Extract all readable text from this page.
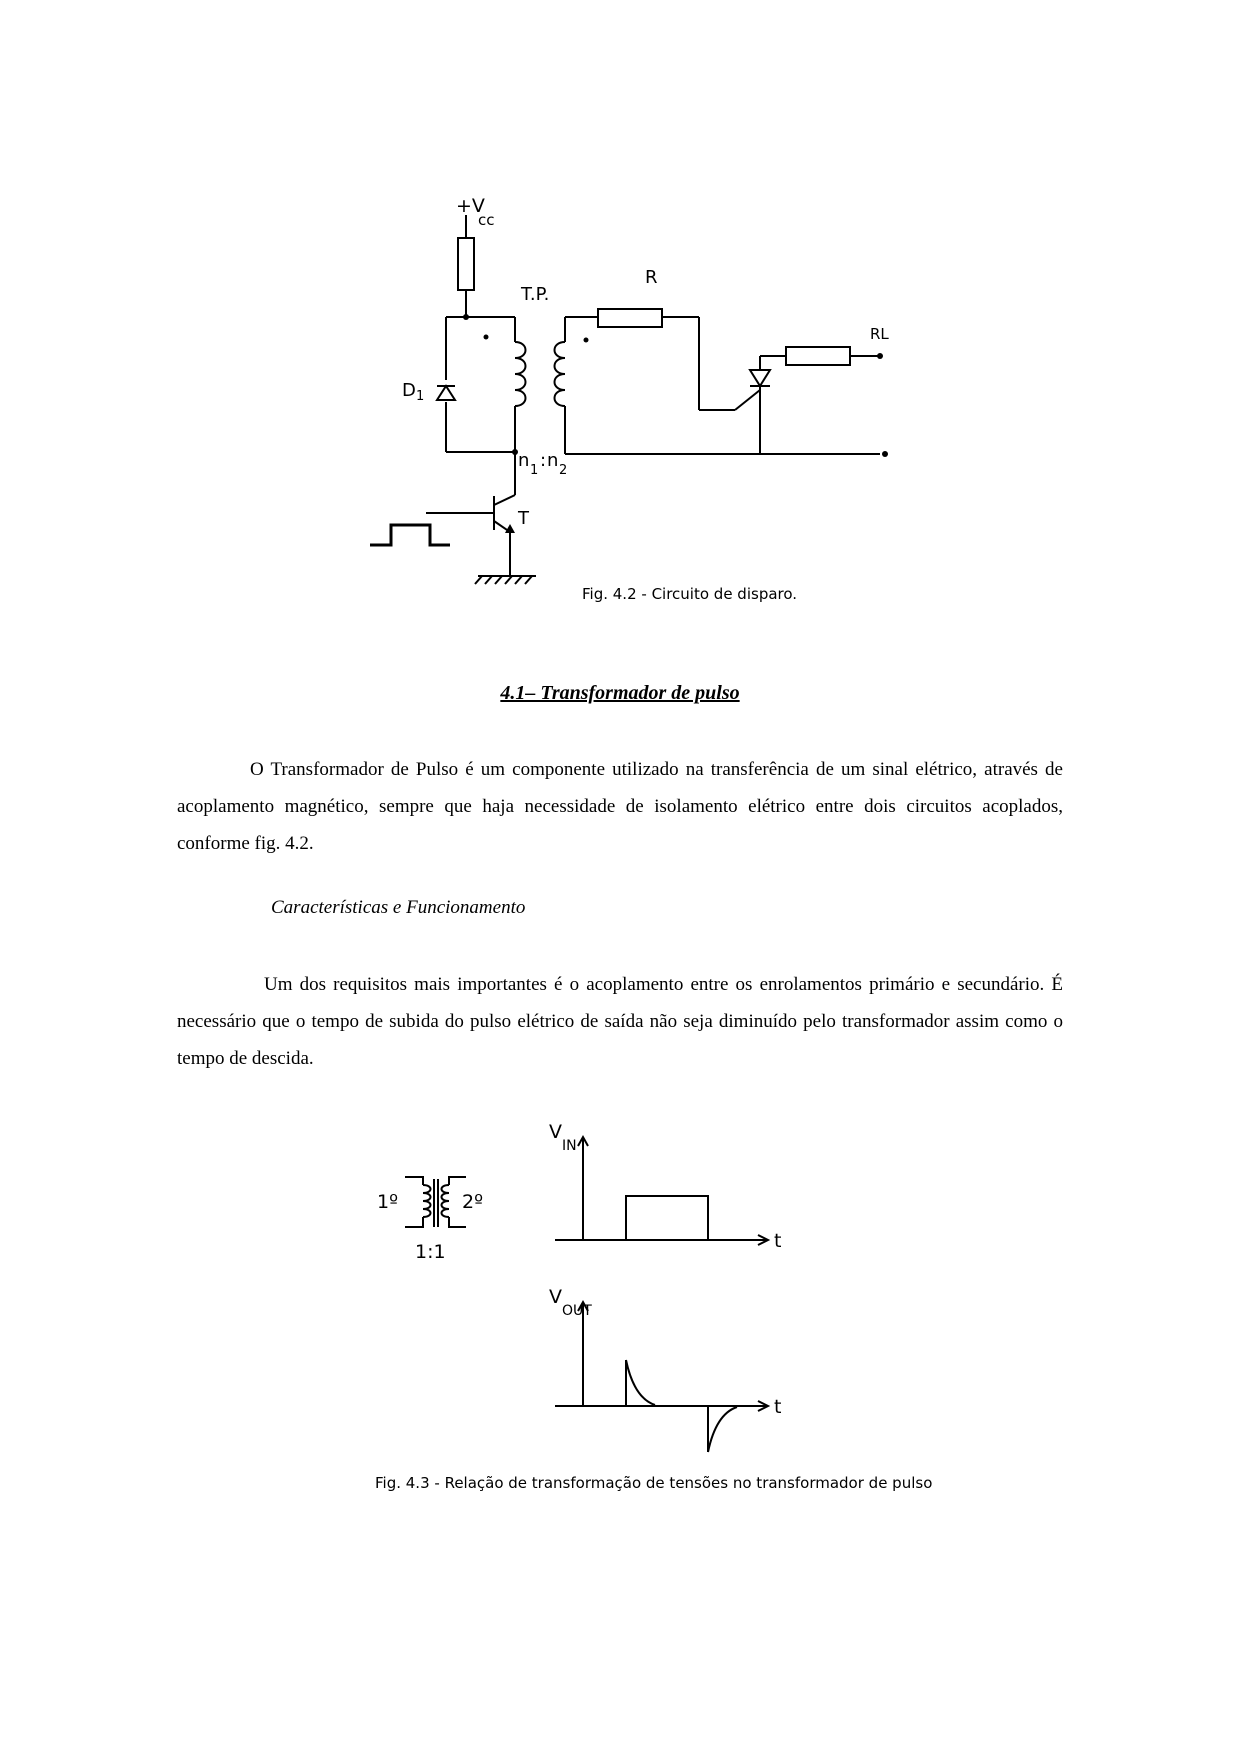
+V
cc
T.P.
R
RL
D 1
n 1 : n 2
T
Fig. 4.2 - Circuito de disparo.
4.1– Transformador de pulso

O Transformador de Pulso é um componente utilizado na transferência de um sinal elétrico, através de acoplamento magnético, sempre que haja necessidade de isolamento elétrico entre dois circuitos acoplados, conforme fig. 4.2.

Características e Funcionamento

Um dos requisitos mais importantes é o acoplamento entre os enrolamentos primário e secundário. É necessário que o tempo de subida do pulso elétrico de saída não seja diminuído pelo transformador assim como o tempo de descida.

1º	2º
1:1
V
IN
V
OUT
t
t
Fig. 4.3 - Relação de transformação de tensões no transformador de pulso
